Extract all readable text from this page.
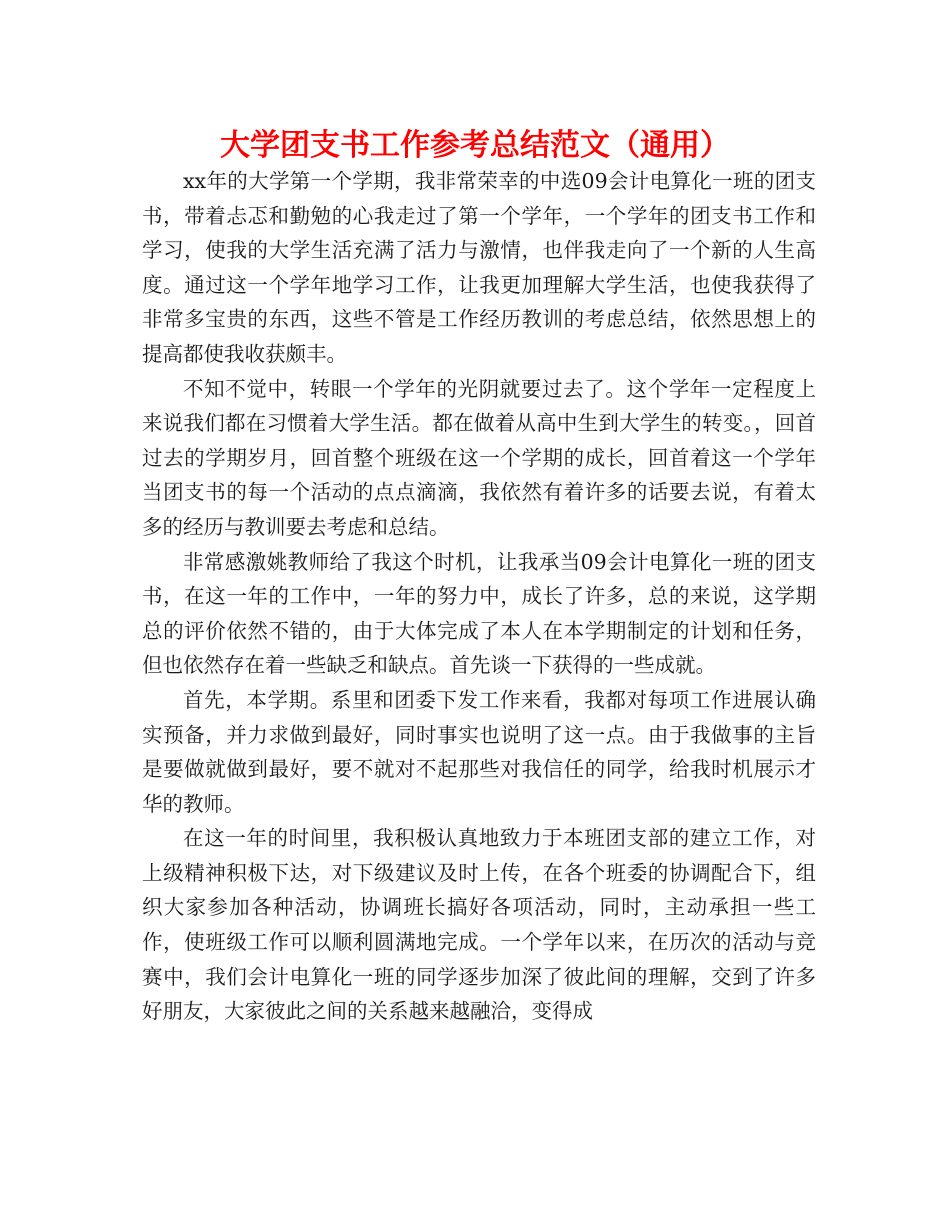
大学团支书工作参考总结范文（通用）

xx年的大学第一个学期，我非常荣幸的中选09会计电算化一班的团支书，带着忐忑和勤勉的心我走过了第一个学年，一个学年的团支书工作和学习，使我的大学生活充满了活力与激情，也伴我走向了一个新的人生高度。通过这一个学年地学习工作，让我更加理解大学生活，也使我获得了非常多宝贵的东西，这些不管是工作经历教训的考虑总结，依然思想上的提高都使我收获颇丰。

不知不觉中，转眼一个学年的光阴就要过去了。这个学年一定程度上来说我们都在习惯着大学生活。都在做着从高中生到大学生的转变。，回首过去的学期岁月，回首整个班级在这一个学期的成长，回首着这一个学年当团支书的每一个活动的点点滴滴，我依然有着许多的话要去说，有着太多的经历与教训要去考虑和总结。

非常感激姚教师给了我这个时机，让我承当09会计电算化一班的团支书，在这一年的工作中，一年的努力中，成长了许多，总的来说，这学期总的评价依然不错的，由于大体完成了本人在本学期制定的计划和任务，但也依然存在着一些缺乏和缺点。首先谈一下获得的一些成就。

首先，本学期。系里和团委下发工作来看，我都对每项工作进展认确实预备，并力求做到最好，同时事实也说明了这一点。由于我做事的主旨是要做就做到最好，要不就对不起那些对我信任的同学，给我时机展示才华的教师。

在这一年的时间里，我积极认真地致力于本班团支部的建立工作，对上级精神积极下达，对下级建议及时上传，在各个班委的协调配合下，组织大家参加各种活动，协调班长搞好各项活动，同时，主动承担一些工作，使班级工作可以顺利圆满地完成。一个学年以来，在历次的活动与竞赛中，我们会计电算化一班的同学逐步加深了彼此间的理解，交到了许多好朋友，大家彼此之间的关系越来越融洽，变得成
